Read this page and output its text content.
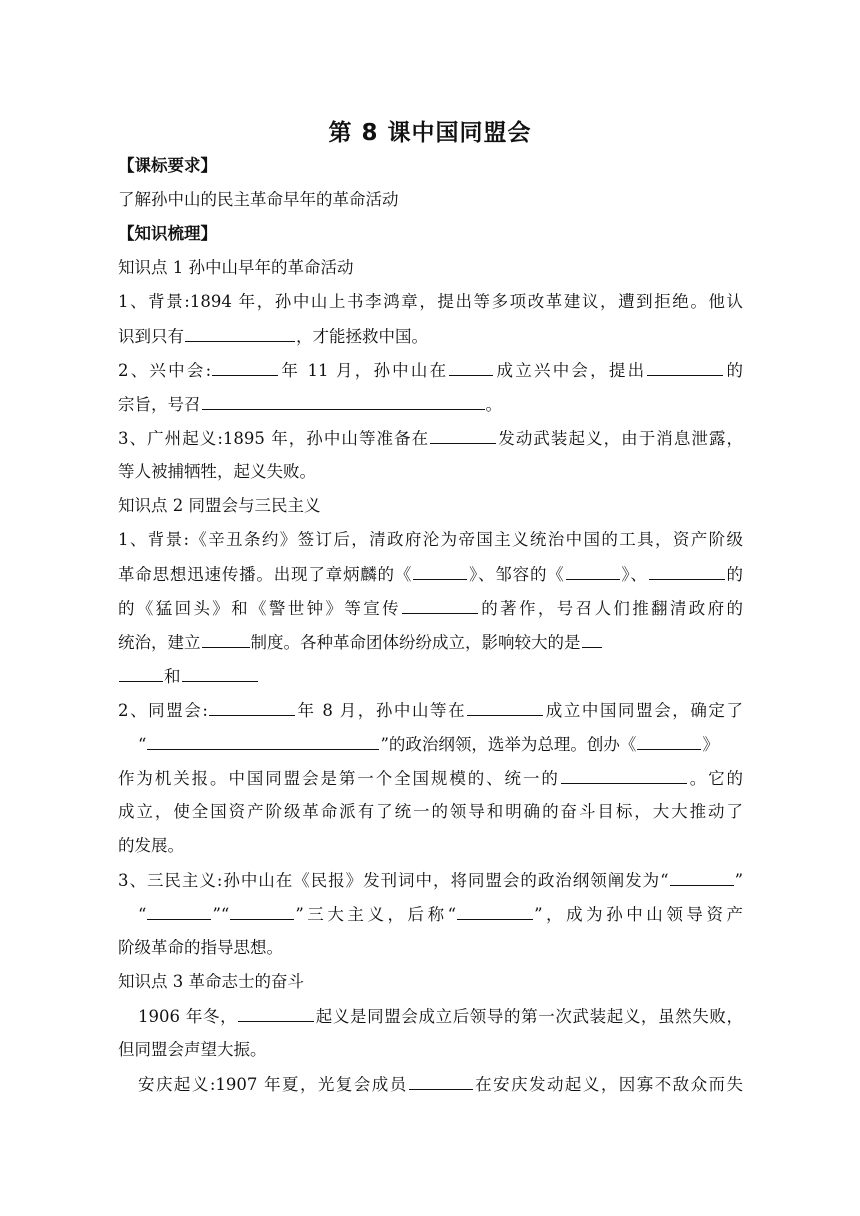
第 8 课中国同盟会
【课标要求】
了解孙中山的民主革命早年的革命活动
【知识梳理】
知识点 1 孙中山早年的革命活动
1、背景:1894 年，孙中山上书李鸿章，提出等多项改革建议，遭到拒绝。他认
识到只有	，才能拯救中国。
2、兴中会:	年 11 月，孙中山在	成立兴中会，提出	的
宗旨，号召	。
3、广州起义:1895 年，孙中山等准备在	发动武装起义，由于消息泄露，
等人被捕牺牲，起义失败。
知识点 2 同盟会与三民主义
1、背景:《辛丑条约》签订后，清政府沦为帝国主义统治中国的工具，资产阶级
革命思想迅速传播。出现了章炳麟的《	》、邹容的《	》、	的
的《猛回头》和《警世钟》等宣传	的著作，号召人们推翻清政府的
统治，建立	制度。各种革命团体纷纷成立，影响较大的是
和
2、同盟会:	年 8 月，孙中山等在	成立中国同盟会，确定了
“	”的政治纲领，选举为总理。创办《	》
作为机关报。中国同盟会是第一个全国规模的、统一的	。它的
成立，使全国资产阶级革命派有了统一的领导和明确的奋斗目标，大大推动了
的发展。
3、三民主义:孙中山在《民报》发刊词中，将同盟会的政治纲领阐发为“	”
“	”“	”三大主义，后称“	”，成为孙中山领导资产
阶级革命的指导思想。
知识点 3 革命志士的奋斗
1906 年冬，	起义是同盟会成立后领导的第一次武装起义，虽然失败，
但同盟会声望大振。
安庆起义:1907 年夏，光复会成员	在安庆发动起义，因寡不敌众而失
